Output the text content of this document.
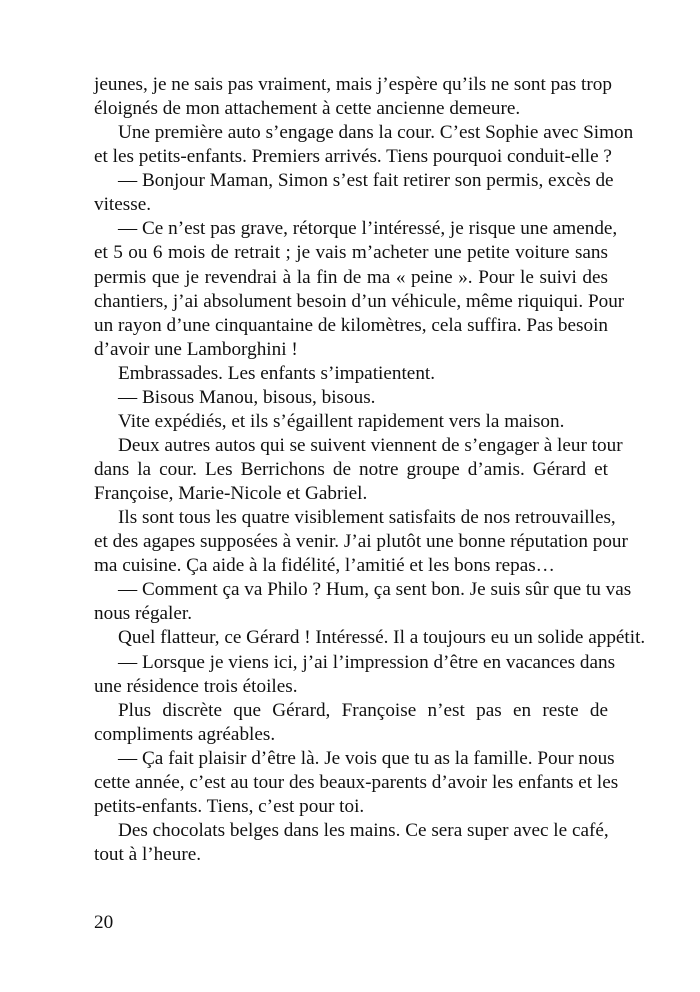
jeunes, je ne sais pas vraiment, mais j’espère qu’ils ne sont pas trop
éloignés de mon attachement à cette ancienne demeure.
Une première auto s’engage dans la cour. C’est Sophie avec Simon
et les petits-enfants. Premiers arrivés. Tiens pourquoi conduit-elle ?
— Bonjour Maman, Simon s’est fait retirer son permis, excès de
vitesse.
— Ce n’est pas grave, rétorque l’intéressé, je risque une amende,
et 5 ou 6 mois de retrait ; je vais m’acheter une petite voiture sans
permis que je revendrai à la fin de ma « peine ». Pour le suivi des
chantiers, j’ai absolument besoin d’un véhicule, même riquiqui. Pour
un rayon d’une cinquantaine de kilomètres, cela suffira. Pas besoin
d’avoir une Lamborghini !
Embrassades. Les enfants s’impatientent.
— Bisous Manou, bisous, bisous.
Vite expédiés, et ils s’égaillent rapidement vers la maison.
Deux autres autos qui se suivent viennent de s’engager à leur tour
dans la cour. Les Berrichons de notre groupe d’amis. Gérard et
Françoise, Marie-Nicole et Gabriel.
Ils sont tous les quatre visiblement satisfaits de nos retrouvailles,
et des agapes supposées à venir. J’ai plutôt une bonne réputation pour
ma cuisine. Ça aide à la fidélité, l’amitié et les bons repas…
— Comment ça va Philo ? Hum, ça sent bon. Je suis sûr que tu vas
nous régaler.
Quel flatteur, ce Gérard ! Intéressé. Il a toujours eu un solide appétit.
— Lorsque je viens ici, j’ai l’impression d’être en vacances dans
une résidence trois étoiles.
Plus discrète que Gérard, Françoise n’est pas en reste de
compliments agréables.
— Ça fait plaisir d’être là. Je vois que tu as la famille. Pour nous
cette année, c’est au tour des beaux-parents d’avoir les enfants et les
petits-enfants. Tiens, c’est pour toi.
Des chocolats belges dans les mains. Ce sera super avec le café,
tout à l’heure.
20
